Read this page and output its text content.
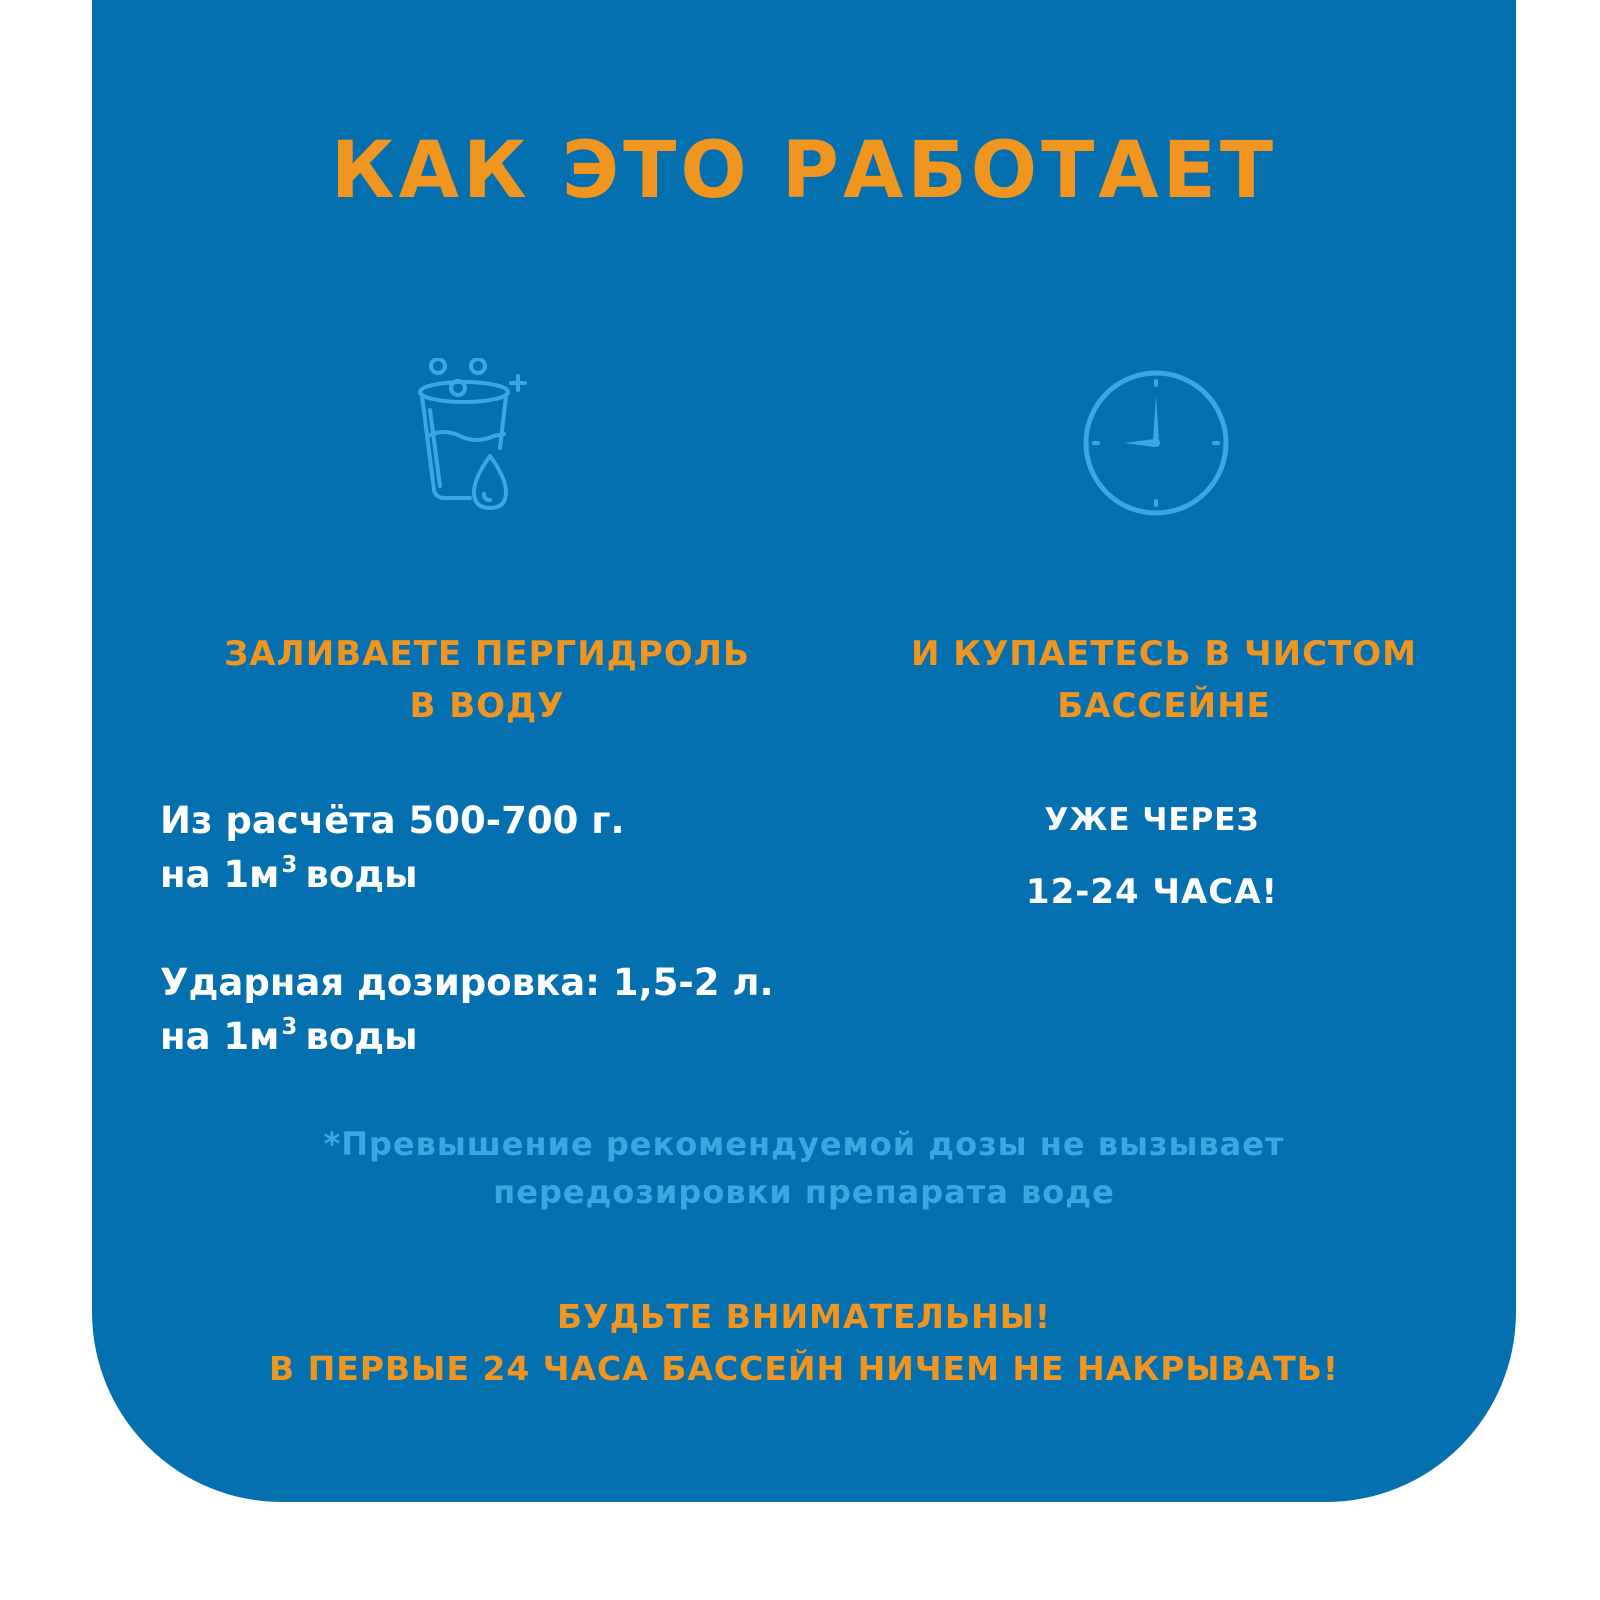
КАК ЭТО РАБОТАЕТ
ЗАЛИВАЕТЕ ПЕРГИДРОЛЬ
В ВОДУ
И КУПАЕТЕСЬ В ЧИСТОМ
БАССЕЙНЕ
Из расчёта 500-700 г.
на $1м^3$ воды
Ударная дозировка: 1,5-2 л.
на $1м^3$ воды
УЖЕ ЧЕРЕЗ
12-24 ЧАСА!
*Превышение рекомендуемой дозы не вызывает
передозировки препарата воде
БУДЬТЕ ВНИМАТЕЛЬНЫ!
В ПЕРВЫЕ 24 ЧАСА БАССЕЙН НИЧЕМ НЕ НАКРЫВАТЬ!
